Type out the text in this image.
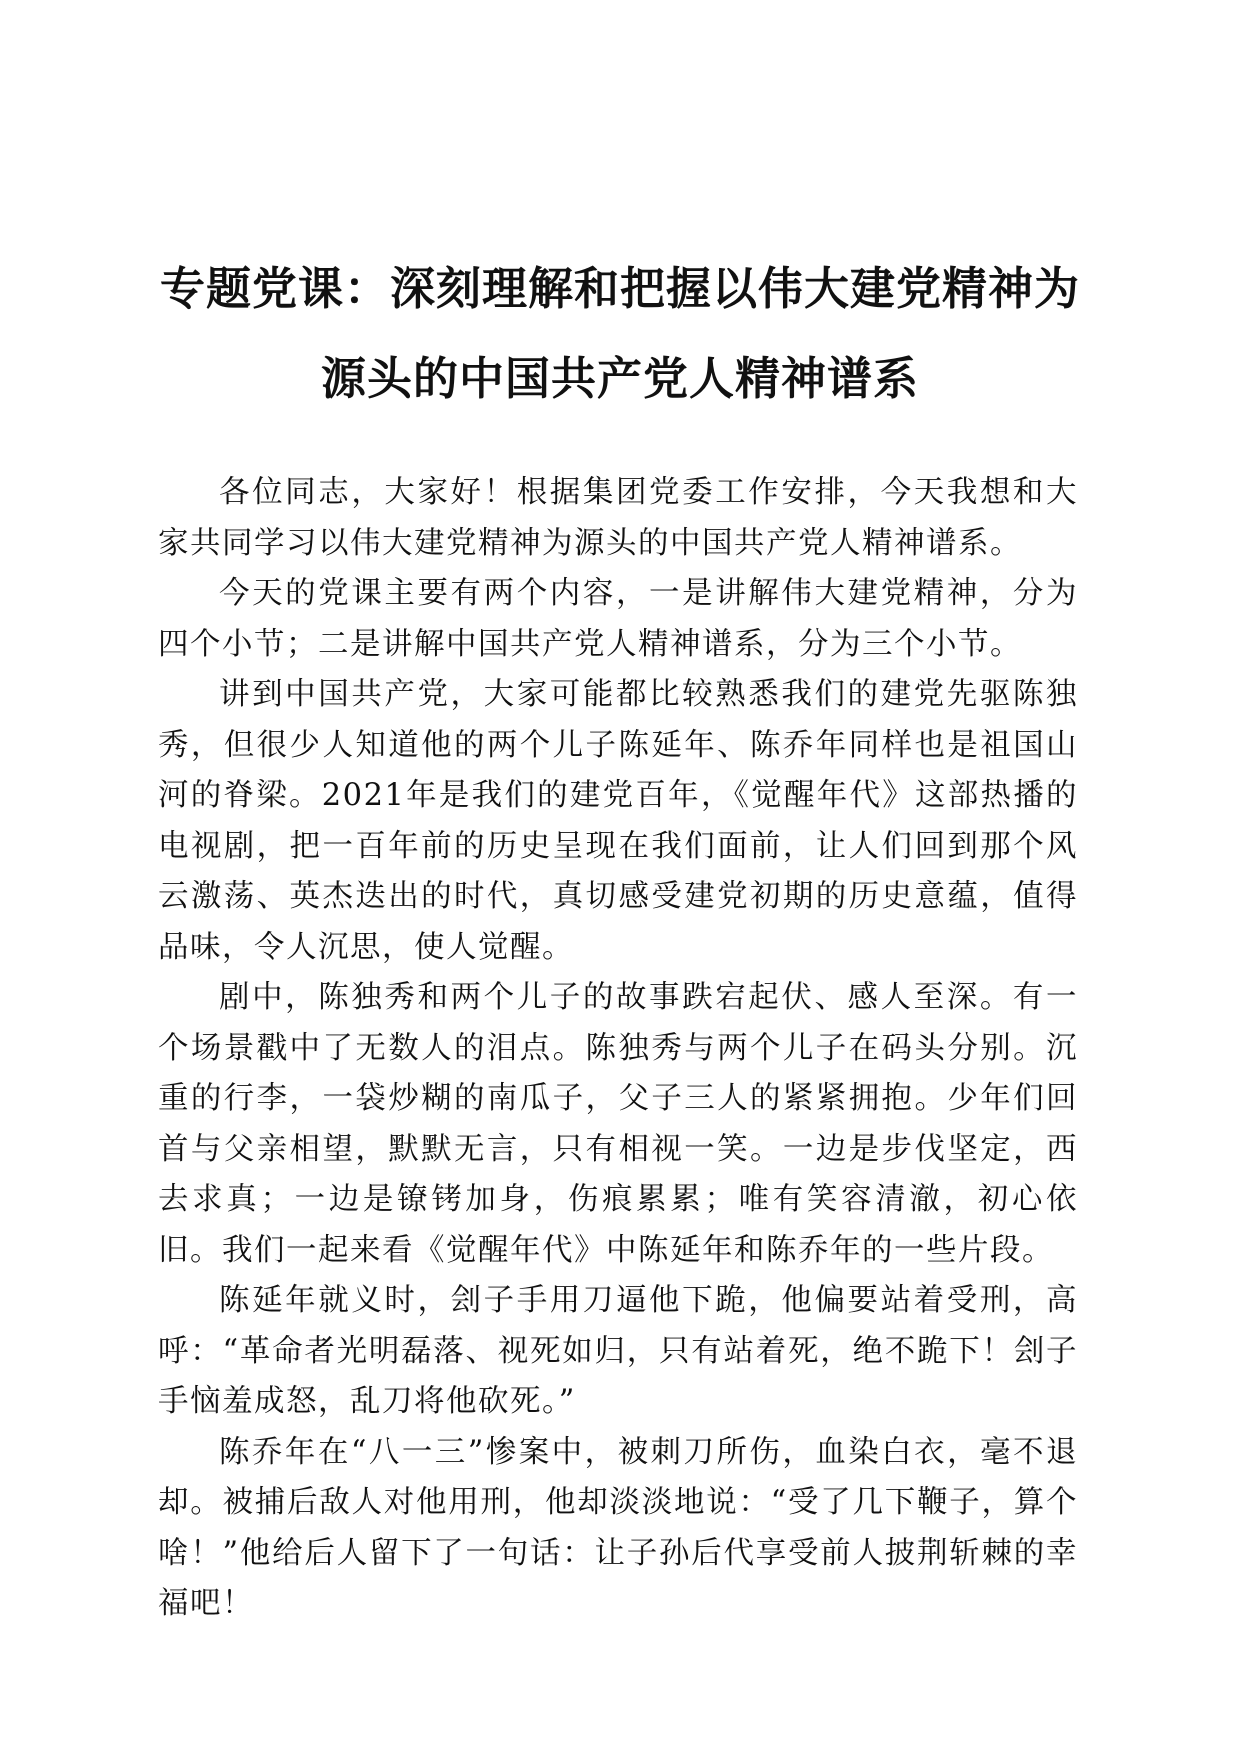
专题党课：深刻理解和把握以伟大建党精神为
源头的中国共产党人精神谱系

各位同志，大家好！根据集团党委工作安排，今天我想和大家共同学习以伟大建党精神为源头的中国共产党人精神谱系。

今天的党课主要有两个内容，一是讲解伟大建党精神，分为四个小节；二是讲解中国共产党人精神谱系，分为三个小节。

讲到中国共产党，大家可能都比较熟悉我们的建党先驱陈独秀，但很少人知道他的两个儿子陈延年、陈乔年同样也是祖国山河的脊梁。2021年是我们的建党百年，《觉醒年代》这部热播的电视剧，把一百年前的历史呈现在我们面前，让人们回到那个风云激荡、英杰迭出的时代，真切感受建党初期的历史意蕴，值得品味，令人沉思，使人觉醒。

剧中，陈独秀和两个儿子的故事跌宕起伏、感人至深。有一个场景戳中了无数人的泪点。陈独秀与两个儿子在码头分别。沉重的行李，一袋炒糊的南瓜子，父子三人的紧紧拥抱。少年们回首与父亲相望，默默无言，只有相视一笑。一边是步伐坚定，西去求真；一边是镣铐加身，伤痕累累；唯有笑容清澈，初心依旧。我们一起来看《觉醒年代》中陈延年和陈乔年的一些片段。

陈延年就义时，刽子手用刀逼他下跪，他偏要站着受刑，高呼：“革命者光明磊落、视死如归，只有站着死，绝不跪下！刽子手恼羞成怒，乱刀将他砍死。”

陈乔年在“八一三”惨案中，被刺刀所伤，血染白衣，毫不退却。被捕后敌人对他用刑，他却淡淡地说：“受了几下鞭子，算个啥！”他给后人留下了一句话：让子孙后代享受前人披荆斩棘的幸福吧！
